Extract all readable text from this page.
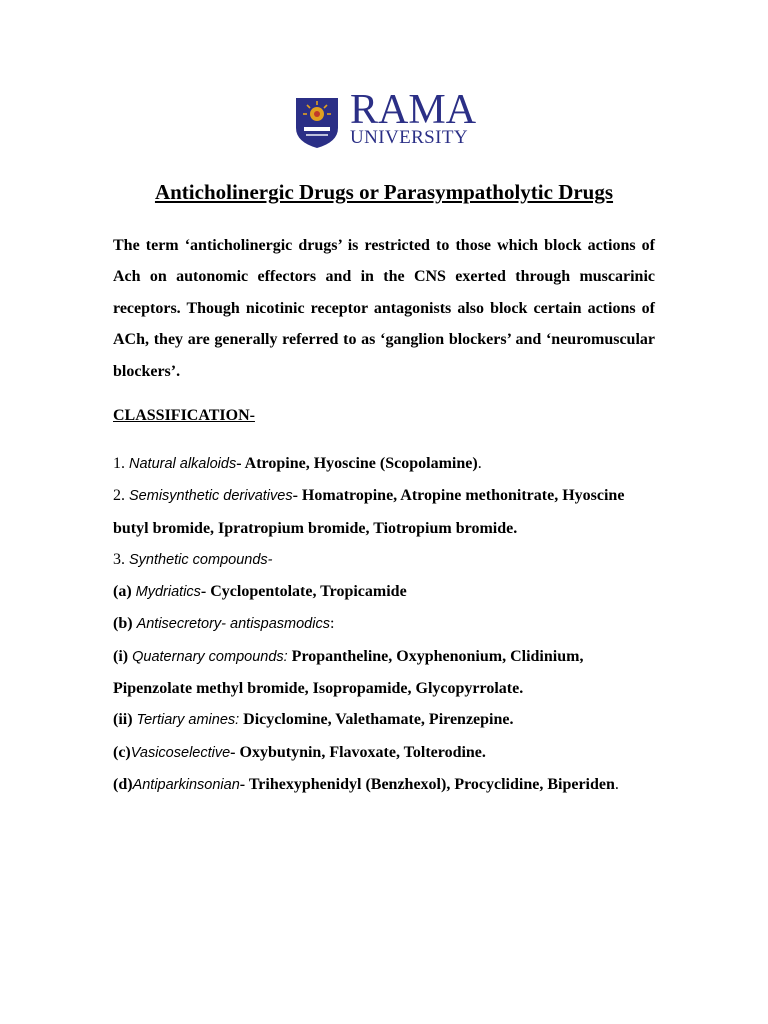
RAMA
UNIVERSITY
Anticholinergic Drugs or Parasympatholytic Drugs
The term ‘anticholinergic drugs’ is restricted to those which block actions of Ach on autonomic effectors and in the CNS exerted through muscarinic receptors. Though nicotinic receptor antagonists also block certain actions of ACh, they are generally referred to as ‘ganglion blockers’ and ‘neuromuscular blockers’.
CLASSIFICATION-
1. Natural alkaloids- Atropine, Hyoscine (Scopolamine).
2. Semisynthetic derivatives- Homatropine, Atropine methonitrate, Hyoscine
butyl bromide, Ipratropium bromide, Tiotropium bromide.
3. Synthetic compounds-
(a) Mydriatics- Cyclopentolate, Tropicamide
(b) Antisecretory- antispasmodics:
(i) Quaternary compounds: Propantheline, Oxyphenonium, Clidinium,
Pipenzolate methyl bromide, Isopropamide, Glycopyrrolate.
(ii) Tertiary amines: Dicyclomine, Valethamate, Pirenzepine.
(c)Vasicoselective- Oxybutynin, Flavoxate, Tolterodine.
(d)Antiparkinsonian- Trihexyphenidyl (Benzhexol), Procyclidine, Biperiden.
